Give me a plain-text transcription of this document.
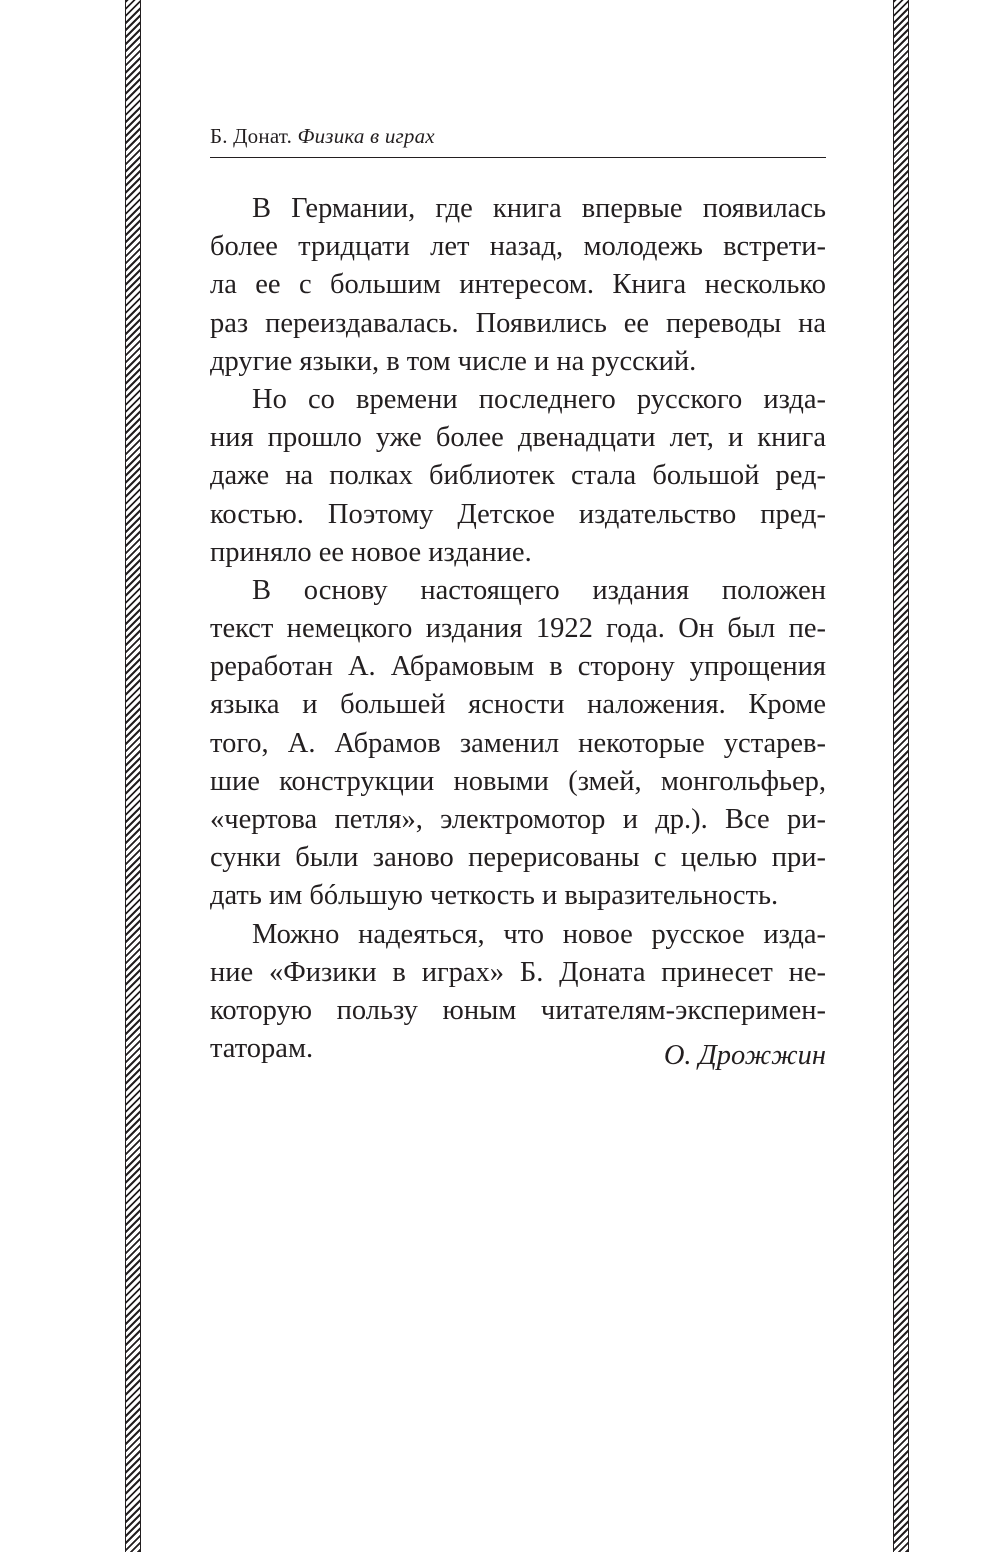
Б. Донат. Физика в играх
В Германии, где книга впервые появилась
более тридцати лет назад, молодежь встрети-
ла ее с большим интересом. Книга несколько
раз переиздавалась. Появились ее переводы на
другие языки, в том числе и на русский.
Но со времени последнего русского изда-
ния прошло уже более двенадцати лет, и книга
даже на полках библиотек стала большой ред-
костью. Поэтому Детское издательство пред-
приняло ее новое издание.
В основу настоящего издания положен
текст немецкого издания 1922 года. Он был пе-
реработан А. Абрамовым в сторону упрощения
языка и большей ясности наложения. Кроме
того, А. Абрамов заменил некоторые устарев-
шие конструкции новыми (змей, монгольфьер,
«чертова петля», электромотор и др.). Все ри-
сунки были заново перерисованы с целью при-
дать им бóльшую четкость и выразительность.
Можно надеяться, что новое русское изда-
ние «Физики в играх» Б. Доната принесет не-
которую пользу юным читателям-эксперимен-
таторам.	О. Дрожжин
